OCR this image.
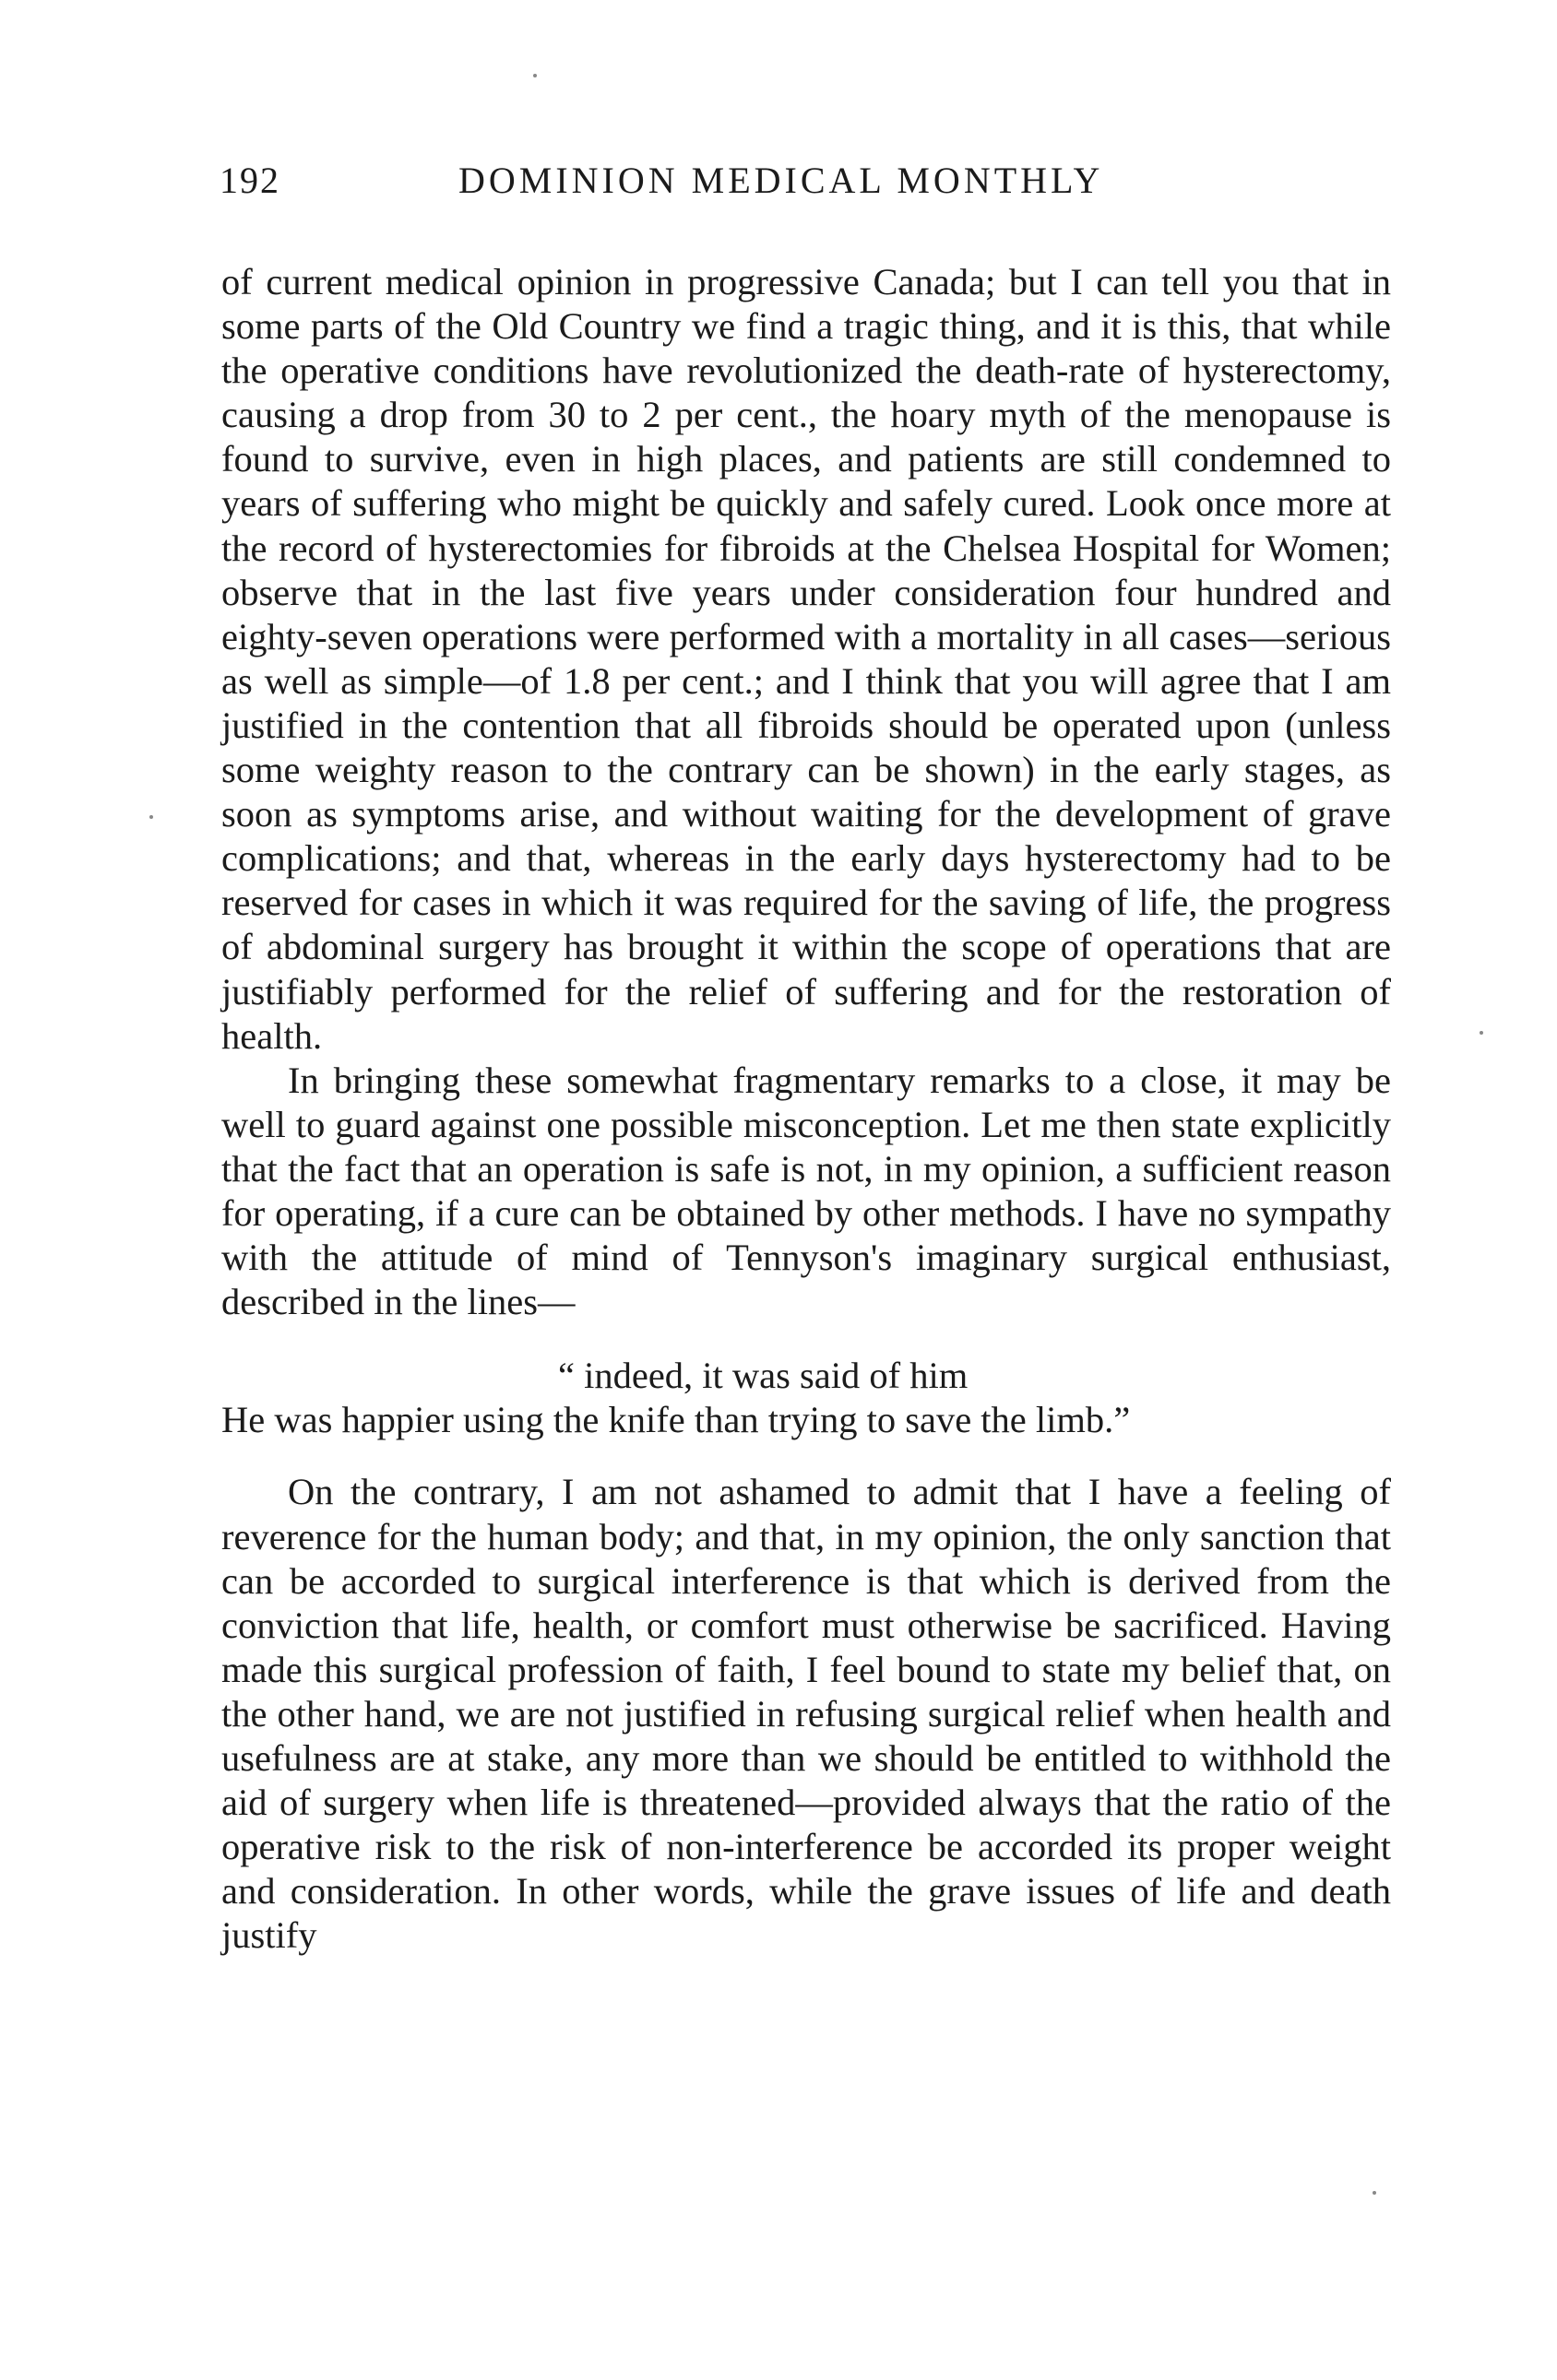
192	DOMINION MEDICAL MONTHLY

of current medical opinion in progressive Canada; but I can tell you that in some parts of the Old Country we find a tragic thing, and it is this, that while the operative conditions have revolutionized the death-rate of hysterectomy, causing a drop from 30 to 2 per cent., the hoary myth of the menopause is found to survive, even in high places, and patients are still condemned to years of suffering who might be quickly and safely cured. Look once more at the record of hysterectomies for fibroids at the Chelsea Hospital for Women; observe that in the last five years under consideration four hundred and eighty-seven operations were performed with a mortality in all cases—serious as well as simple—of 1.8 per cent.; and I think that you will agree that I am justified in the contention that all fibroids should be operated upon (unless some weighty reason to the contrary can be shown) in the early stages, as soon as symptoms arise, and without waiting for the development of grave complications; and that, whereas in the early days hysterectomy had to be reserved for cases in which it was required for the saving of life, the progress of abdominal surgery has brought it within the scope of operations that are justifiably performed for the relief of suffering and for the restoration of health.

In bringing these somewhat fragmentary remarks to a close, it may be well to guard against one possible misconception. Let me then state explicitly that the fact that an operation is safe is not, in my opinion, a sufficient reason for operating, if a cure can be obtained by other methods. I have no sympathy with the attitude of mind of Tennyson's imaginary surgical enthusiast, described in the lines—

“ indeed, it was said of him
He was happier using the knife than trying to save the limb.”

On the contrary, I am not ashamed to admit that I have a feeling of reverence for the human body; and that, in my opinion, the only sanction that can be accorded to surgical interference is that which is derived from the conviction that life, health, or comfort must otherwise be sacrificed. Having made this surgical profession of faith, I feel bound to state my belief that, on the other hand, we are not justified in refusing surgical relief when health and usefulness are at stake, any more than we should be entitled to withhold the aid of surgery when life is threatened—provided always that the ratio of the operative risk to the risk of non-interference be accorded its proper weight and consideration. In other words, while the grave issues of life and death justify
